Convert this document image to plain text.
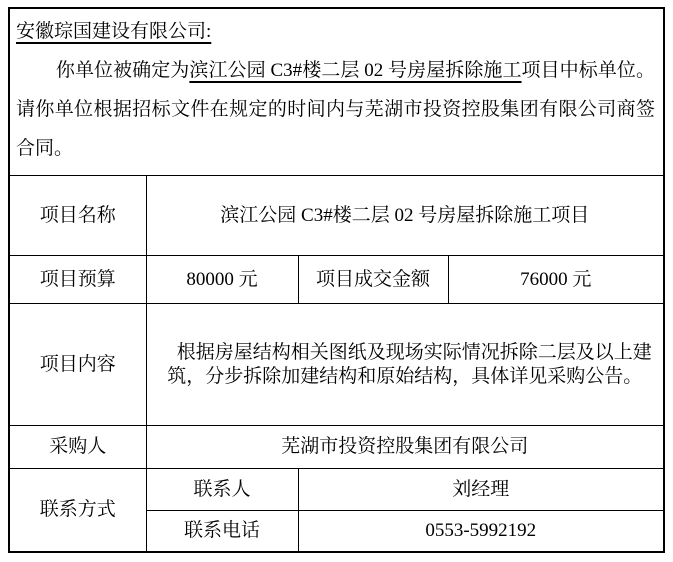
安徽琮国建设有限公司:

你单位被确定为滨江公园 C3#楼二层 02 号房屋拆除施工项目中标单位。请你单位根据招标文件在规定的时间内与芜湖市投资控股集团有限公司商签合同。

项目名称	滨江公园 C3#楼二层 02 号房屋拆除施工项目		
项目预算	80000 元	项目成交金额	76000 元
项目内容	根据房屋结构相关图纸及现场实际情况拆除二层及以上建筑，分步拆除加建结构和原始结构，具体详见采购公告。		
采购人	芜湖市投资控股集团有限公司		
联系方式	联系人	刘经理	
	联系电话	0553-5992192	
